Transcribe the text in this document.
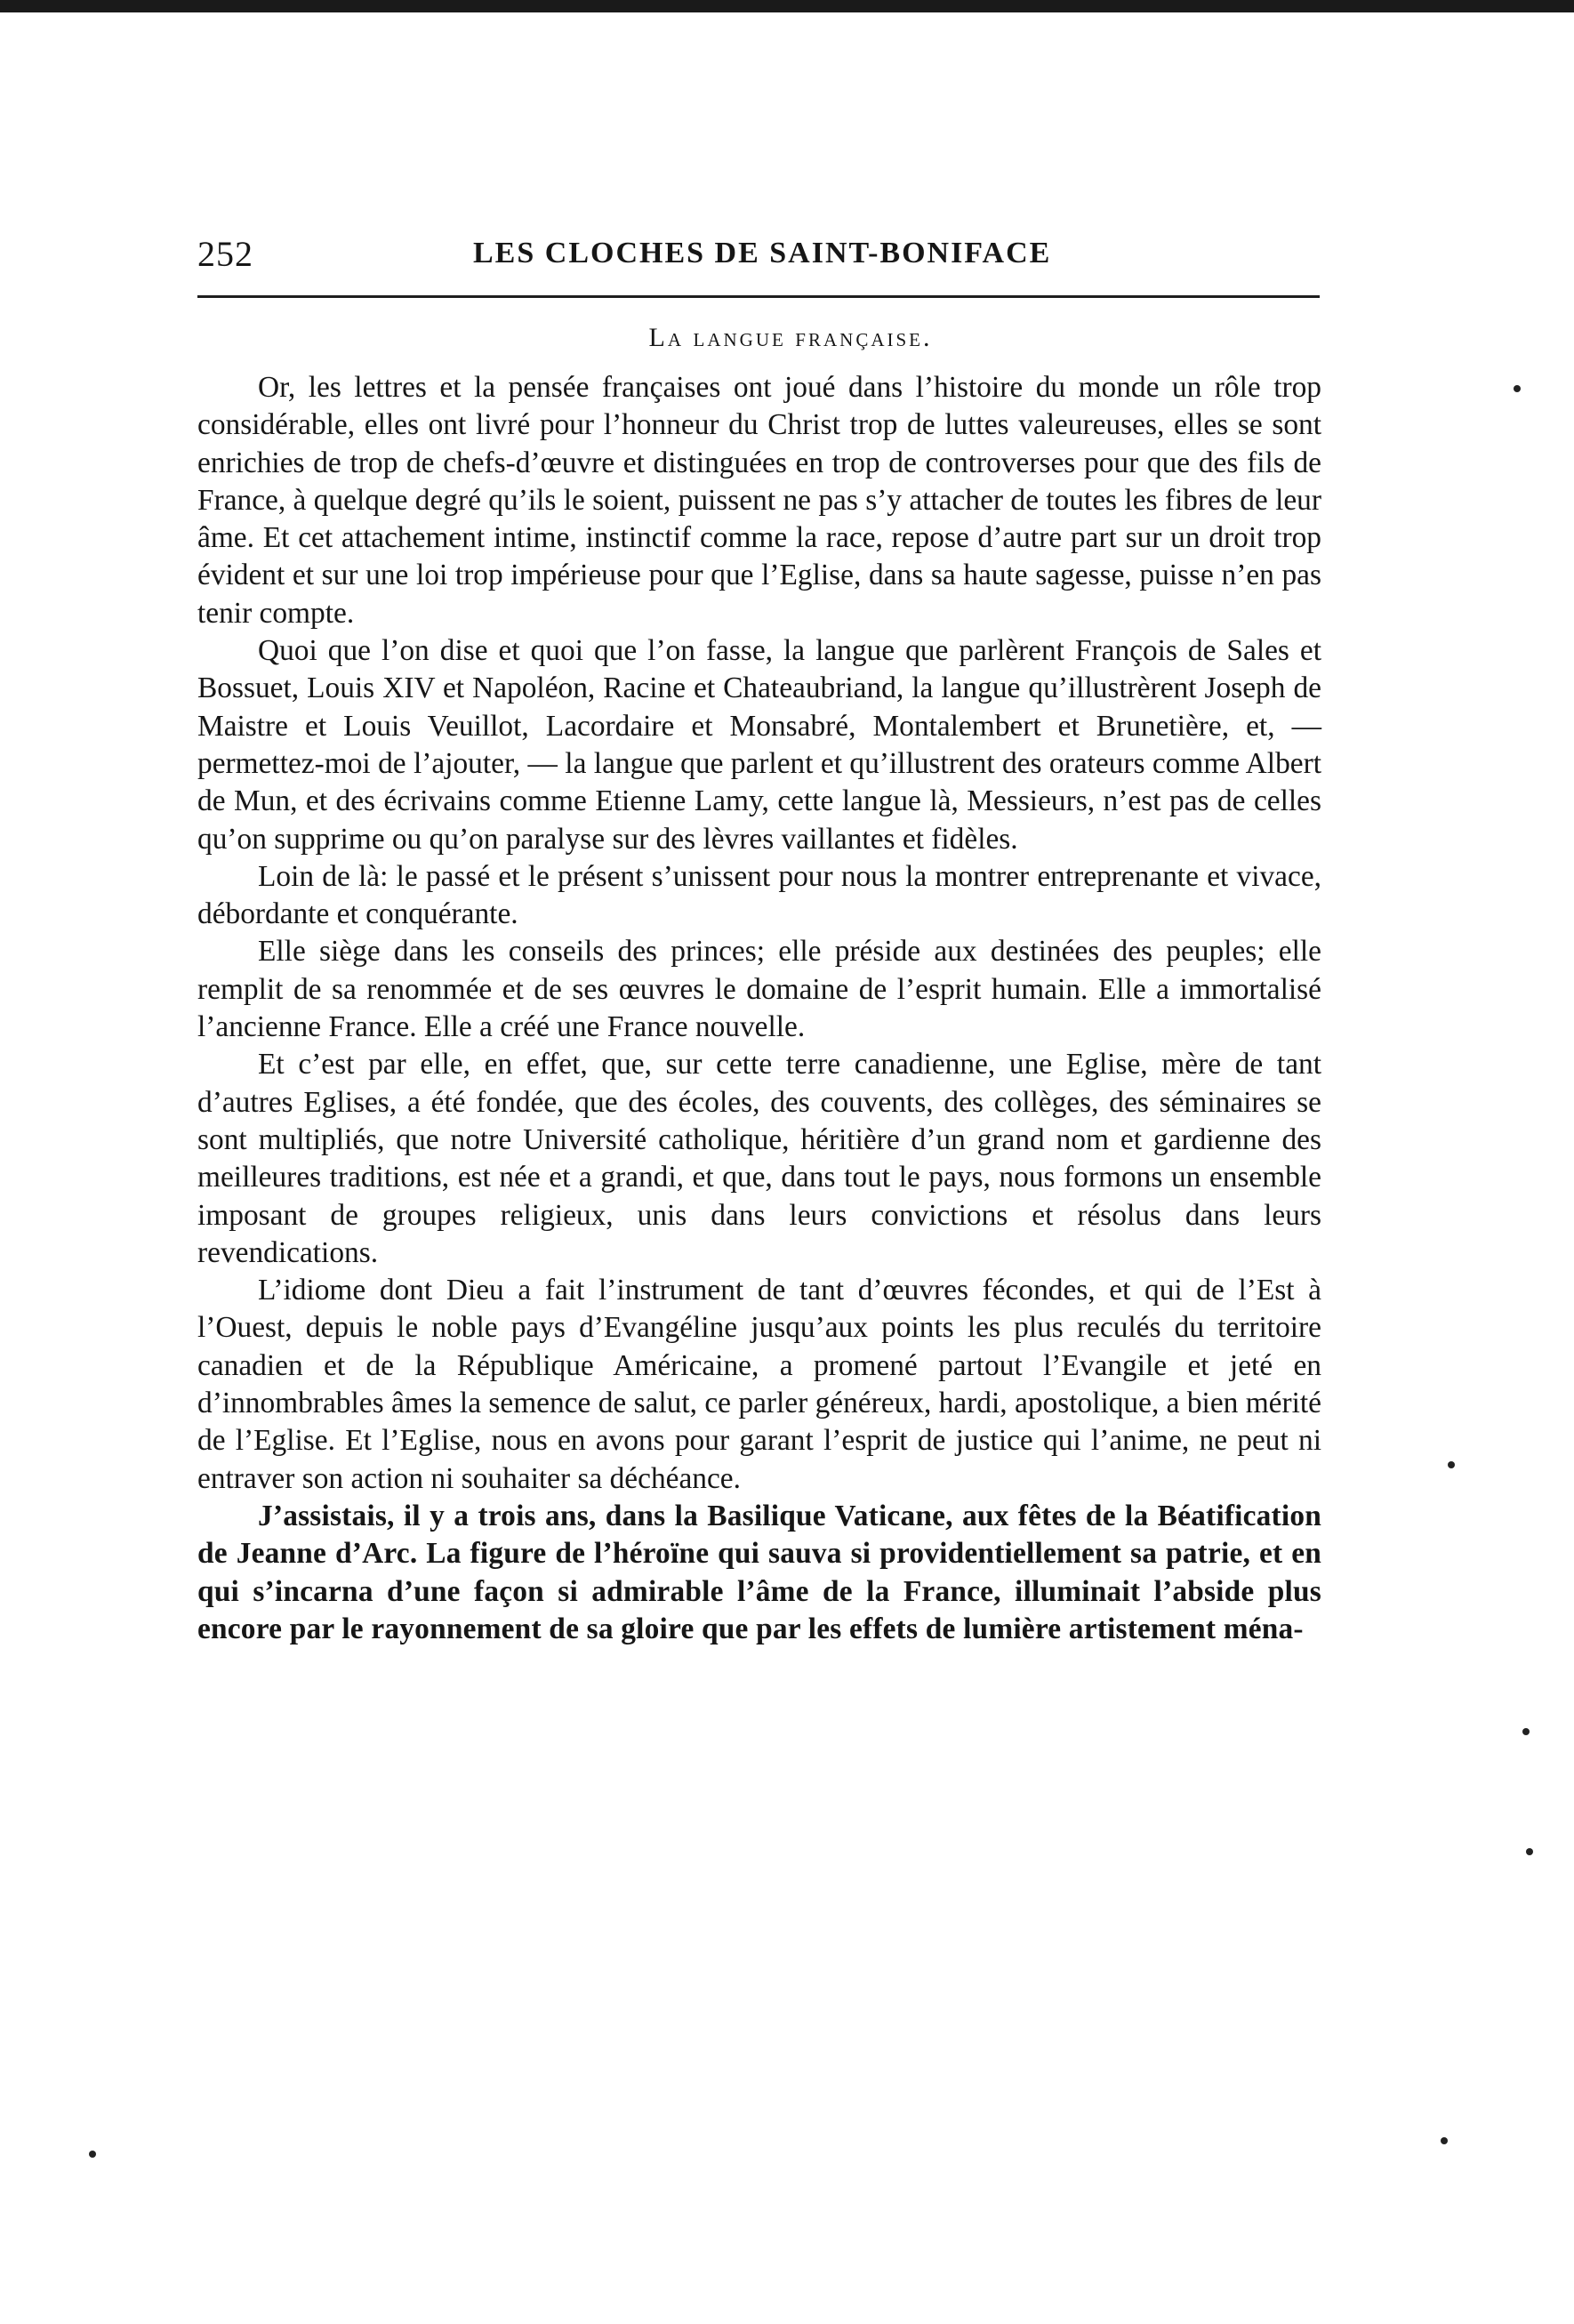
252	LES CLOCHES DE SAINT-BONIFACE
La langue française.

Or, les lettres et la pensée françaises ont joué dans l’histoire du monde un rôle trop considérable, elles ont livré pour l’honneur du Christ trop de luttes valeureuses, elles se sont enrichies de trop de chefs-d’œuvre et distinguées en trop de controverses pour que des fils de France, à quelque degré qu’ils le soient, puissent ne pas s’y attacher de toutes les fibres de leur âme. Et cet attachement intime, instinctif comme la race, repose d’autre part sur un droit trop évident et sur une loi trop impérieuse pour que l’Eglise, dans sa haute sagesse, puisse n’en pas tenir compte.

Quoi que l’on dise et quoi que l’on fasse, la langue que parlèrent François de Sales et Bossuet, Louis XIV et Napoléon, Racine et Chateaubriand, la langue qu’illustrèrent Joseph de Maistre et Louis Veuillot, Lacordaire et Monsabré, Montalembert et Brunetière, et, — permettez-moi de l’ajouter, — la langue que parlent et qu’illustrent des orateurs comme Albert de Mun, et des écrivains comme Etienne Lamy, cette langue là, Messieurs, n’est pas de celles qu’on supprime ou qu’on paralyse sur des lèvres vaillantes et fidèles.

Loin de là: le passé et le présent s’unissent pour nous la montrer entreprenante et vivace, débordante et conquérante.

Elle siège dans les conseils des princes; elle préside aux destinées des peuples; elle remplit de sa renommée et de ses œuvres le domaine de l’esprit humain. Elle a immortalisé l’ancienne France. Elle a créé une France nouvelle.

Et c’est par elle, en effet, que, sur cette terre canadienne, une Eglise, mère de tant d’autres Eglises, a été fondée, que des écoles, des couvents, des collèges, des séminaires se sont multipliés, que notre Université catholique, héritière d’un grand nom et gardienne des meilleures traditions, est née et a grandi, et que, dans tout le pays, nous formons un ensemble imposant de groupes religieux, unis dans leurs convictions et résolus dans leurs revendications.

L’idiome dont Dieu a fait l’instrument de tant d’œuvres fécondes, et qui de l’Est à l’Ouest, depuis le noble pays d’Evangéline jusqu’aux points les plus reculés du territoire canadien et de la République Américaine, a promené partout l’Evangile et jeté en d’innombrables âmes la semence de salut, ce parler généreux, hardi, apostolique, a bien mérité de l’Eglise. Et l’Eglise, nous en avons pour garant l’esprit de justice qui l’anime, ne peut ni entraver son action ni souhaiter sa déchéance.

J’assistais, il y a trois ans, dans la Basilique Vaticane, aux fêtes de la Béatification de Jeanne d’Arc. La figure de l’héroïne qui sauva si providentiellement sa patrie, et en qui s’incarna d’une façon si admirable l’âme de la France, illuminait l’abside plus encore par le rayonnement de sa gloire que par les effets de lumière artistement ména-
